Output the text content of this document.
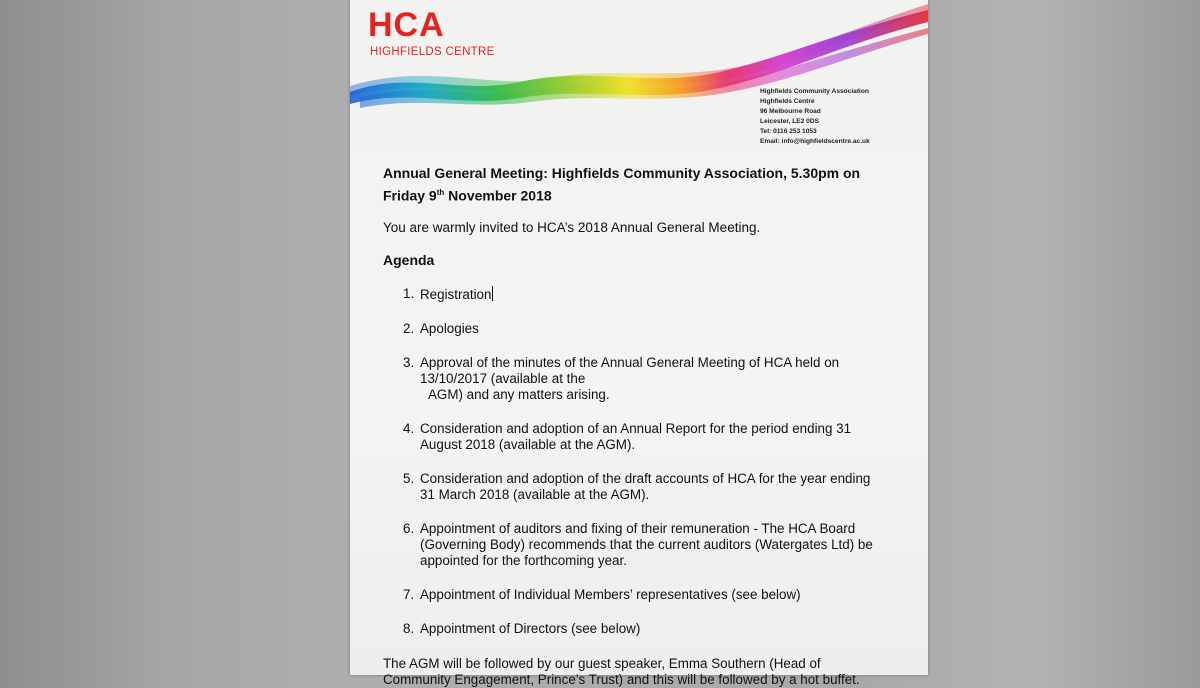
HCA
HIGHFIELDS CENTRE
Highfields Community Association
Highfields Centre
96 Melbourne Road
Leicester, LE2 0DS
Tel: 0116 253 1053
Email: info@highfieldscentre.ac.uk

Annual General Meeting: Highfields Community Association, 5.30pm on
Friday 9th November 2018

You are warmly invited to HCA’s 2018 Annual General Meeting.

Agenda

1. Registration
2. Apologies
3. Approval of the minutes of the Annual General Meeting of HCA held on
13/10/2017 (available at the
AGM) and any matters arising.
4. Consideration and adoption of an Annual Report for the period ending 31
August 2018 (available at the AGM).
5. Consideration and adoption of the draft accounts of HCA for the year ending
31 March 2018 (available at the AGM).
6. Appointment of auditors and fixing of their remuneration - The HCA Board
(Governing Body) recommends that the current auditors (Watergates Ltd) be
appointed for the forthcoming year.
7. Appointment of Individual Members’ representatives (see below)
8. Appointment of Directors (see below)
The AGM will be followed by our guest speaker, Emma Southern (Head of
Community Engagement, Prince’s Trust) and this will be followed by a hot buffet.
